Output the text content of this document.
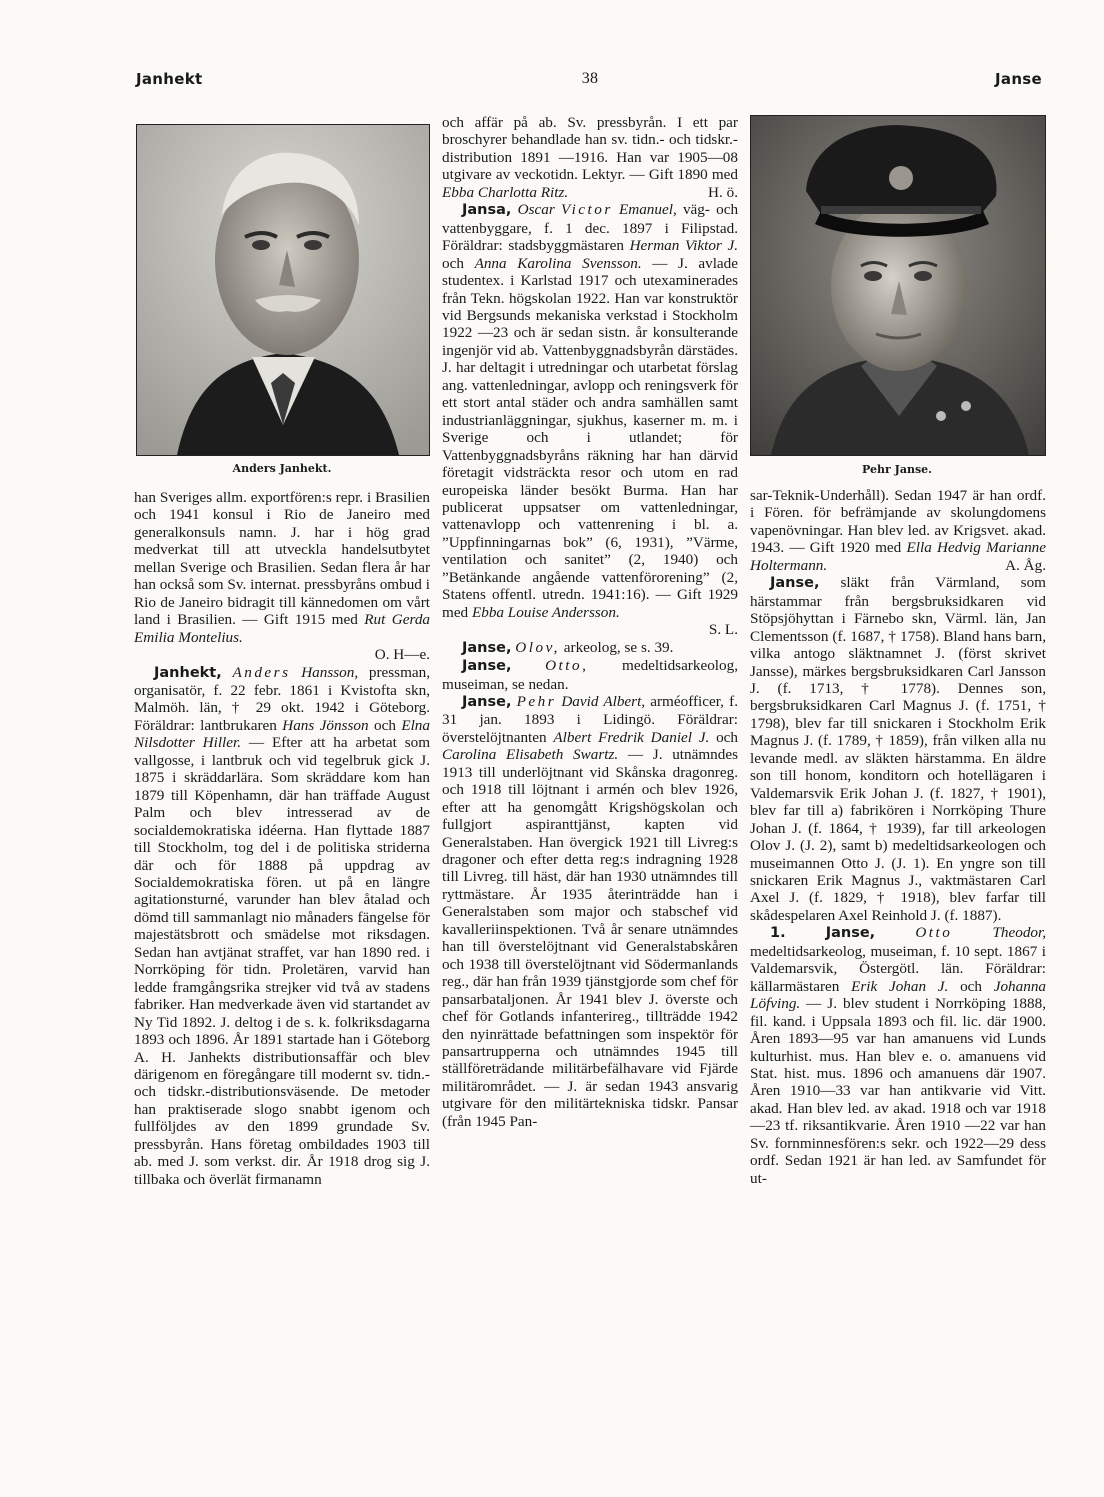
Janhekt	38	Janse
Anders Janhekt.	Pehr Janse.

han Sveriges allm. exportfören:s repr. i Brasilien och 1941 konsul i Rio de Janeiro med generalkonsuls namn. J. har i hög grad medverkat till att utveckla handelsutbytet mellan Sverige och Brasilien. Sedan flera år har han också som Sv. internat. pressbyråns ombud i Rio de Janeiro bidragit till kännedomen om vårt land i Brasilien. — Gift 1915 med Rut Gerda Emilia Montelius.

O. H—e.

Janhekt, Anders Hansson, pressman, organisatör, f. 22 febr. 1861 i Kvistofta skn, Malmöh. län, † 29 okt. 1942 i Göteborg. Föräldrar: lantbrukaren Hans Jönsson och Elna Nilsdotter Hiller. — Efter att ha arbetat som vallgosse, i lantbruk och vid tegelbruk gick J. 1875 i skräddarlära. Som skräddare kom han 1879 till Köpenhamn, där han träffade August Palm och blev intresserad av de socialdemokratiska idéerna. Han flyttade 1887 till Stockholm, tog del i de politiska striderna där och för 1888 på uppdrag av Socialdemokratiska fören. ut på en längre agitationsturné, varunder han blev åtalad och dömd till sammanlagt nio månaders fängelse för majestätsbrott och smädelse mot riksdagen. Sedan han avtjänat straffet, var han 1890 red. i Norrköping för tidn. Proletären, varvid han ledde framgångsrika strejker vid två av stadens fabriker. Han medverkade även vid startandet av Ny Tid 1892. J. deltog i de s. k. folkriksdagarna 1893 och 1896. År 1891 startade han i Göteborg A. H. Janhekts distributionsaffär och blev därigenom en föregångare till modernt sv. tidn.- och tidskr.-distributionsväsende. De metoder han praktiserade slogo snabbt igenom och fullföljdes av den 1899 grundade Sv. pressbyrån. Hans företag ombildades 1903 till ab. med J. som verkst. dir. År 1918 drog sig J. tillbaka och överlät firmanamn

och affär på ab. Sv. pressbyrån. I ett par broschyrer behandlade han sv. tidn.- och tidskr.-distribution 1891 —1916. Han var 1905—08 utgivare av veckotidn. Lektyr. — Gift 1890 med Ebba Charlotta Ritz.	H. ö.

Jansa, Oscar Victor Emanuel, väg- och vattenbyggare, f. 1 dec. 1897 i Filipstad. Föräldrar: stadsbyggmästaren Herman Viktor J. och Anna Karolina Svensson. — J. avlade studentex. i Karlstad 1917 och utexaminerades från Tekn. högskolan 1922. Han var konstruktör vid Bergsunds mekaniska verkstad i Stockholm 1922 —23 och är sedan sistn. år konsulterande ingenjör vid ab. Vattenbyggnadsbyrån därstädes. J. har deltagit i utredningar och utarbetat förslag ang. vattenledningar, avlopp och reningsverk för ett stort antal städer och andra samhällen samt industrianläggningar, sjukhus, kaserner m. m. i Sverige och i utlandet; för Vattenbyggnadsbyråns räkning har han därvid företagit vidsträckta resor och utom en rad europeiska länder besökt Burma. Han har publicerat uppsatser om vattenledningar, vattenavlopp och vattenrening i bl. a. ”Uppfinningarnas bok” (6, 1931), ”Värme, ventilation och sanitet” (2, 1940) och ”Betänkande angående vattenförorening” (2, Statens offentl. utredn. 1941:16). — Gift 1929 med Ebba Louise Andersson.

S. L.

Janse, Olov, arkeolog, se s. 39.

Janse, Otto, medeltidsarkeolog, museiman, se nedan.

Janse, Pehr David Albert, arméofficer, f. 31 jan. 1893 i Lidingö. Föräldrar: överstelöjtnanten Albert Fredrik Daniel J. och Carolina Elisabeth Swartz. — J. utnämndes 1913 till underlöjtnant vid Skånska dragonreg. och 1918 till löjtnant i armén och blev 1926, efter att ha genomgått Krigshögskolan och fullgjort aspiranttjänst, kapten vid Generalstaben. Han övergick 1921 till Livreg:s dragoner och efter detta reg:s indragning 1928 till Livreg. till häst, där han 1930 utnämndes till ryttmästare. År 1935 återinträdde han i Generalstaben som major och stabschef vid kavalleriinspektionen. Två år senare utnämndes han till överstelöjtnant vid Generalstabskåren och 1938 till överstelöjtnant vid Södermanlands reg., där han från 1939 tjänstgjorde som chef för pansarbataljonen. År 1941 blev J. överste och chef för Gotlands infanterireg., tillträdde 1942 den nyinrättade befattningen som inspektör för pansartrupperna och utnämndes 1945 till ställföreträdande militärbefälhavare vid Fjärde militärområdet. — J. är sedan 1943 ansvarig utgivare för den militärtekniska tidskr. Pansar (från 1945 Pan-

sar-Teknik-Underhåll). Sedan 1947 är han ordf. i Fören. för befrämjande av skolungdomens vapenövningar. Han blev led. av Krigsvet. akad. 1943. — Gift 1920 med Ella Hedvig Marianne Holtermann.	A. Åg.

Janse, släkt från Värmland, som härstammar från bergsbruksidkaren vid Stöpsjöhyttan i Färnebo skn, Värml. län, Jan Clementsson (f. 1687, † 1758). Bland hans barn, vilka antogo släktnamnet J. (först skrivet Jansse), märkes bergsbruksidkaren Carl Jansson J. (f. 1713, † 1778). Dennes son, bergsbruksidkaren Carl Magnus J. (f. 1751, † 1798), blev far till snickaren i Stockholm Erik Magnus J. (f. 1789, † 1859), från vilken alla nu levande medl. av släkten härstamma. En äldre son till honom, konditorn och hotellägaren i Valdemarsvik Erik Johan J. (f. 1827, † 1901), blev far till a) fabrikören i Norrköping Thure Johan J. (f. 1864, † 1939), far till arkeologen Olov J. (J. 2), samt b) medeltidsarkeologen och museimannen Otto J. (J. 1). En yngre son till snickaren Erik Magnus J., vaktmästaren Carl Axel J. (f. 1829, † 1918), blev farfar till skådespelaren Axel Reinhold J. (f. 1887).

1.	Janse,	Otto	Theodor, medeltidsarkeolog, museiman, f. 10 sept. 1867 i Valdemarsvik, Östergötl. län. Föräldrar: källarmästaren Erik Johan J. och Johanna Löfving. — J. blev student i Norrköping 1888, fil. kand. i Uppsala 1893 och fil. lic. där 1900. Åren 1893—95 var han amanuens vid Lunds kulturhist. mus. Han blev e. o. amanuens vid Stat. hist. mus. 1896 och amanuens där 1907. Åren 1910—33 var han antikvarie vid Vitt. akad. Han blev led. av akad. 1918 och var 1918—23 tf. riksantikvarie. Åren 1910 —22 var han Sv. fornminnesfören:s sekr. och 1922—29 dess ordf. Sedan 1921 är han led. av Samfundet för ut-
